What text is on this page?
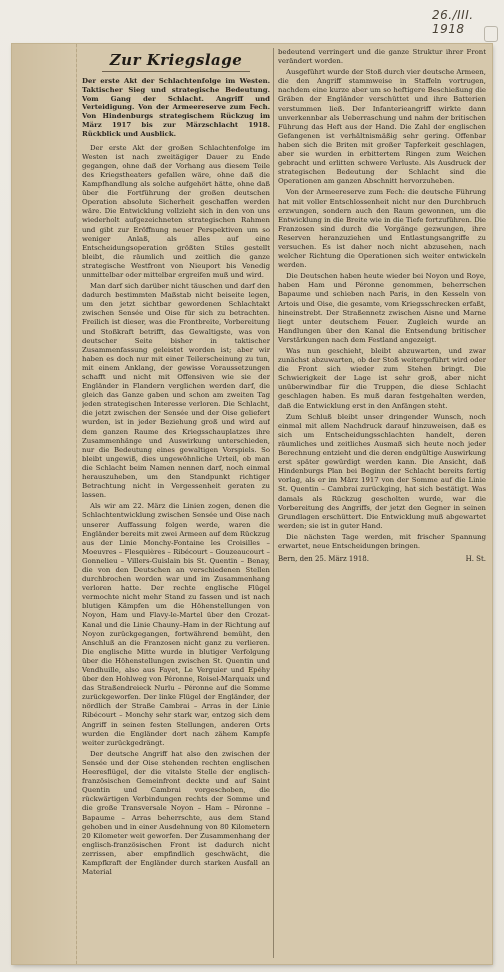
26./III. 1918
Zur Kriegslage
Der erste Akt der Schlachtenfolge im Westen. Taktischer Sieg und strategische Bedeutung. Vom Gang der Schlacht. Angriff und Verteidigung. Von der Armeereserve zum Fech. Von Hindenburgs strategischem Rückzug im März 1917 bis zur Märzschlacht 1918. Rückblick und Ausblick.

Der erste Akt der großen Schlachtenfolge im Westen ist nach zweitägiger Dauer zu Ende gegangen, ohne daß der Vorhang aus diesem Teile des Kriegstheaters gefallen wäre, ohne daß die Kampfhandlung als solche aufgehört hätte, ohne daß über die Fortführung der großen deutschen Operation absolute Sicherheit geschaffen werden wäre. Die Entwicklung vollzieht sich in den von uns wiederholt aufgezeichneten strategischen Rahmen und gibt zur Eröffnung neuer Perspektiven um so weniger Anlaß, als alles auf eine Entscheidungsoperation größten Stiles gestellt bleibt, die räumlich und zeitlich die ganze strategische Westfront von Nieuport bis Venedig unmittelbar oder mittelbar ergreifen muß und wird.

Man darf sich darüber nicht täuschen und darf den dadurch bestimmten Maßstab nicht beiseite legen, um den jetzt sichtbar gewordenen Schlachtakt zwischen Sensée und Oise für sich zu betrachten. Freilich ist dieser, was die Frontbreite, Vorbereitung und Stoßkraft betrifft, das Gewaltigste, was von deutscher Seite bisher in taktischer Zusammenfassung geleistet worden ist; aber wir haben es doch nur mit einer Teilerscheinung zu tun, mit einem Anklang, der gewisse Voraussetzungen schafft und nicht mit Offensiven wie sie der Engländer in Flandern verglichen werden darf, die gleich das Ganze gaben und schon am zweiten Tag jeden strategischen Interesse verloren. Die Schlacht, die jetzt zwischen der Sensée und der Oise geliefert wurden, ist in jeder Beziehung groß und wird auf dem ganzen Raume des Kriegsschauplatzes ihre Zusammenhänge und Auswirkung unterschieden, nur die Bedeutung eines gewaltigen Vorspiels. So bleibt ungewiß, dies ungewöhnliche Urteil, ob man die Schlacht beim Namen nennen darf, noch einmal herauszuheben, um den Standpunkt richtiger Betrachtung nicht in Vergessenheit geraten zu lassen.

Als wir am 22. März die Linien zogen, denen die Schlachtentwicklung zwischen Sensée und Oise nach unserer Auffassung folgen werde, waren die Engländer bereits mit zwei Armeen auf dem Rückzug aus der Linie Monchy-Fontaine les Croisilles – Moeuvres – Flesquières – Ribécourt – Gouzeaucourt – Gonnelieu – Villers-Guislain bis St. Quentin – Benay, die von den Deutschen an verschiedenen Stellen durchbrochen worden war und im Zusammenhang verloren hatte. Der rechte englische Flügel vermochte nicht mehr Stand zu fassen und ist nach blutigen Kämpfen um die Höhenstellungen von Noyon, Ham und Flavy-le-Martel über den Crozat-Kanal und die Linie Chauny–Ham in der Richtung auf Noyon zurückgegangen, fortwährend bemüht, den Anschluß an die Franzosen nicht ganz zu verlieren. Die englische Mitte wurde in blutiger Verfolgung über die Höhenstellungen zwischen St. Quentin und Vendhuille, also aus Fayet, Le Verguier und Epéhy über den Hohlweg von Péronne, Roisel-Marquaix und das Straßendreieck Nurlu – Péronne auf die Somme zurückgeworfen. Der linke Flügel der Engländer, der nördlich der Straße Cambrai – Arras in der Linie Ribécourt – Monchy sehr stark war, entzog sich dem Angriff in seinen festen Stellungen, anderen Orts wurden die Engländer dort nach zähem Kampfe weiter zurückgedrängt.

Der deutsche Angriff hat also den zwischen der Sensée und der Oise stehenden rechten englischen Heeresflügel, der die vitalste Stelle der englisch-französischen Gemeinfront deckte und auf Saint Quentin und Cambrai vorgeschoben, die rückwärtigen Verbindungen rechts der Somme und die große Transversale Noyon – Ham – Péronne – Bapaume – Arras beherrschte, aus dem Stand gehoben und in einer Ausdehnung von 80 Kilometern 20 Kilometer weit geworfen. Der Zusammenhang der englisch-französischen Front ist dadurch nicht zerrissen, aber empfindlich geschwächt, die Kampfkraft der Engländer durch starken Ausfall an Material

bedeutend verringert und die ganze Struktur ihrer Front verändert worden.

Ausgeführt wurde der Stoß durch vier deutsche Armeen, die den Angriff stammweise in Staffeln vortrugen, nachdem eine kurze aber um so heftigere Beschießung die Gräben der Engländer verschüttet und ihre Batterien verstummen ließ. Der Infanterieangriff wirkte dann unverkennbar als Ueberraschung und nahm der britischen Führung das Heft aus der Hand. Die Zahl der englischen Gefangenen ist verhältnismäßig sehr gering. Offenbar haben sich die Briten mit großer Tapferkeit geschlagen, aber sie wurden in erbittertem Ringen zum Weichen gebracht und erlitten schwere Verluste. Als Ausdruck der strategischen Bedeutung der Schlacht sind die Operationen am ganzen Abschnitt hervorzuheben.

Von der Armeereserve zum Fech: die deutsche Führung hat mit voller Entschlossenheit nicht nur den Durchbruch erzwungen, sondern auch den Raum gewonnen, um die Entwicklung in die Breite wie in die Tiefe fortzuführen. Die Franzosen sind durch die Vorgänge gezwungen, ihre Reserven heranzuziehen und Entlastungsangriffe zu versuchen. Es ist daher noch nicht abzusehen, nach welcher Richtung die Operationen sich weiter entwickeln werden.

Die Deutschen haben heute wieder bei Noyon und Roye, haben Ham und Péronne genommen, beherrschen Bapaume und schieben nach Paris, in den Kesseln von Artois und Oise, die gesamte, vom Kriegsschrecken erfaßt, hineinstrebt. Der Straßennetz zwischen Aisne und Marne liegt unter deutschem Feuer. Zugleich wurde an Handlungen über den Kanal die Entsendung britischer Verstärkungen nach dem Festland angezeigt.

Was nun geschieht, bleibt abzuwarten, und zwar zunächst abzuwarten, ob der Stoß weitergeführt wird oder die Front sich wieder zum Stehen bringt. Die Schwierigkeit der Lage ist sehr groß, aber nicht unüberwindbar für die Truppen, die diese Schlacht geschlagen haben. Es muß daran festgehalten werden, daß die Entwicklung erst in den Anfängen steht.

Zum Schluß bleibt unser dringender Wunsch, noch einmal mit allem Nachdruck darauf hinzuweisen, daß es sich um Entscheidungsschlachten handelt, deren räumliches und zeitliches Ausmaß sich heute noch jeder Berechnung entzieht und die deren endgültige Auswirkung erst später gewürdigt werden kann. Die Ansicht, daß Hindenburgs Plan bei Beginn der Schlacht bereits fertig vorlag, als er im März 1917 von der Somme auf die Linie St. Quentin – Cambrai zurückging, hat sich bestätigt. Was damals als Rückzug gescholten wurde, war die Vorbereitung des Angriffs, der jetzt den Gegner in seinen Grundlagen erschüttert. Die Entwicklung muß abgewartet werden; sie ist in guter Hand.

Die nächsten Tage werden, mit frischer Spannung erwartet, neue Entscheidungen bringen.

Bern, den 25. März 1918.	H. St.
